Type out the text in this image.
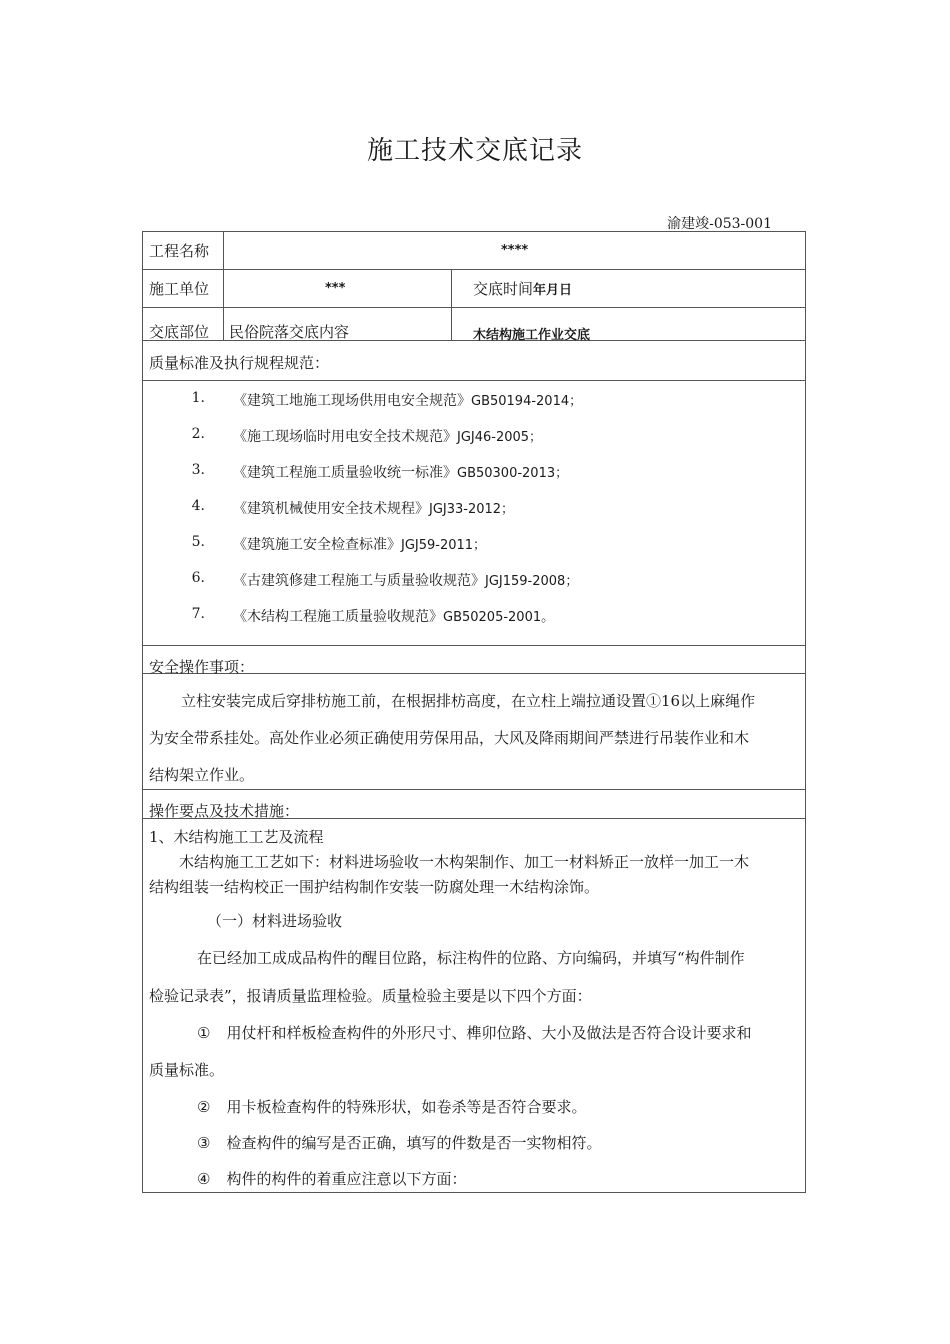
施工技术交底记录
渝建竣-053-001
工程名称	****
施工单位	***	交底时间年月日
交底部位 民俗院落交底内容	木结构施工作业交底
质量标准及执行规程规范：
1. 《建筑工地施工现场供用电安全规范》GB50194-2014；
2. 《施工现场临时用电安全技术规范》JGJ46-2005；
3. 《建筑工程施工质量验收统一标准》GB50300-2013；
4. 《建筑机械使用安全技术规程》JGJ33-2012；
5. 《建筑施工安全检查标准》JGJ59-2011；
6. 《古建筑修建工程施工与质量验收规范》JGJ159-2008；
7. 《木结构工程施工质量验收规范》GB50205-2001。
安全操作事项：
立柱安装完成后穿排枋施工前，在根据排枋高度，在立柱上端拉通设置①16以上麻绳作
为安全带系挂处。高处作业必须正确使用劳保用品，大风及降雨期间严禁进行吊装作业和木
结构架立作业。
操作要点及技术措施：
1、木结构施工工艺及流程
木结构施工工艺如下：材料进场验收一木构架制作、加工一材料矫正一放样一加工一木
结构组装一结构校正一围护结构制作安装一防腐处理一木结构涂饰。
（一）材料进场验收
在已经加工成成品构件的醒目位路，标注构件的位路、方向编码，并填写“构件制作
检验记录表”，报请质量监理检验。质量检验主要是以下四个方面：
① 用仗杆和样板检查构件的外形尺寸、榫卯位路、大小及做法是否符合设计要求和
质量标准。
② 用卡板检查构件的特殊形状，如卷杀等是否符合要求。
③ 检查构件的编写是否正确，填写的件数是否一实物相符。
④ 构件的构件的着重应注意以下方面：
